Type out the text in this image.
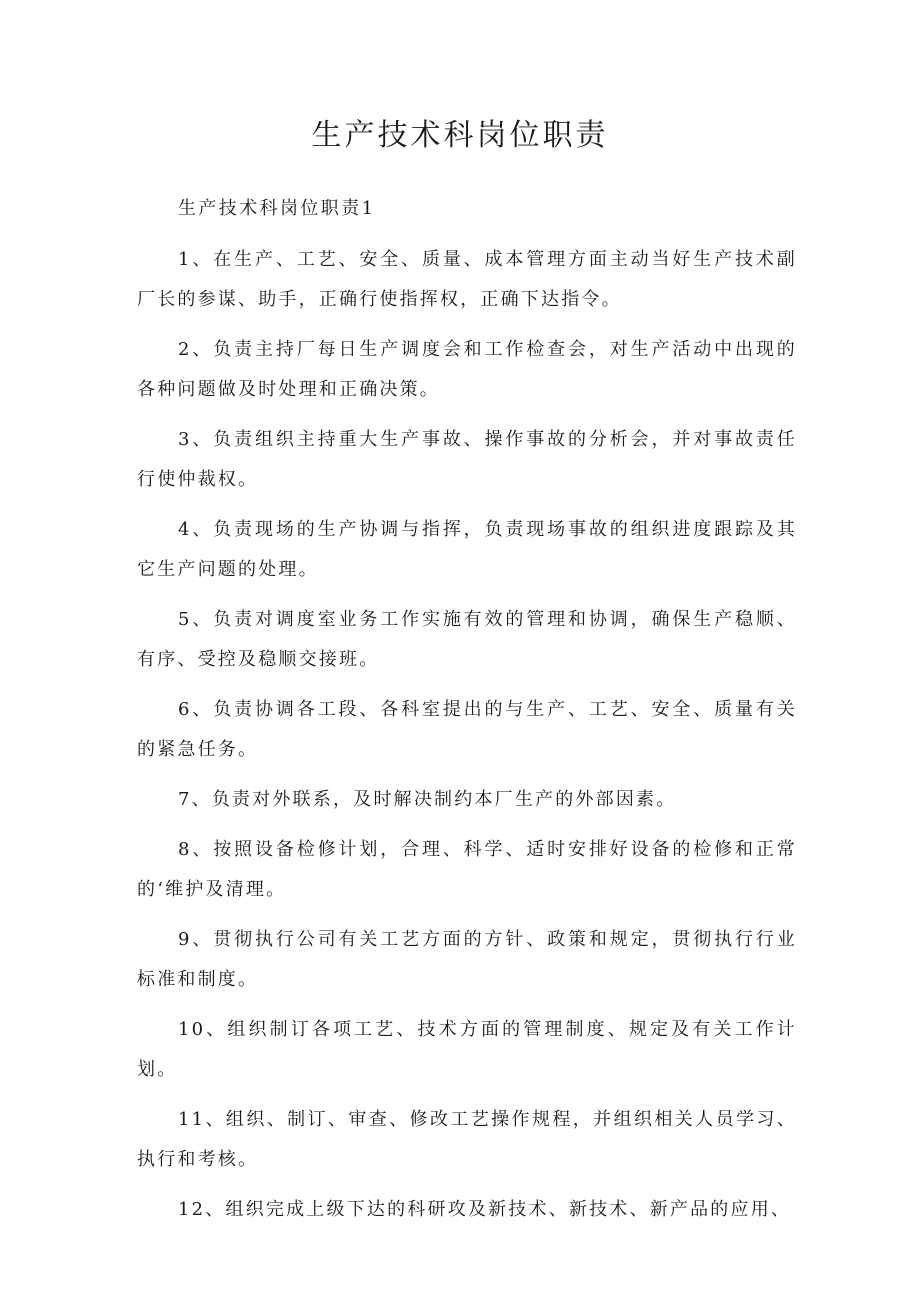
生产技术科岗位职责
生产技术科岗位职责1

1、在生产、工艺、安全、质量、成本管理方面主动当好生产技术副厂长的参谋、助手，正确行使指挥权，正确下达指令。

2、负责主持厂每日生产调度会和工作检查会，对生产活动中出现的各种问题做及时处理和正确决策。

3、负责组织主持重大生产事故、操作事故的分析会，并对事故责任行使仲裁权。

4、负责现场的生产协调与指挥，负责现场事故的组织进度跟踪及其它生产问题的处理。

5、负责对调度室业务工作实施有效的管理和协调，确保生产稳顺、有序、受控及稳顺交接班。

6、负责协调各工段、各科室提出的与生产、工艺、安全、质量有关的紧急任务。

7、负责对外联系，及时解决制约本厂生产的外部因素。

8、按照设备检修计划，合理、科学、适时安排好设备的检修和正常的‘维护及清理。

9、贯彻执行公司有关工艺方面的方针、政策和规定，贯彻执行行业标准和制度。

10、组织制订各项工艺、技术方面的管理制度、规定及有关工作计划。

11、组织、制订、审查、修改工艺操作规程，并组织相关人员学习、执行和考核。

12、组织完成上级下达的科研攻及新技术、新技术、新产品的应用、
